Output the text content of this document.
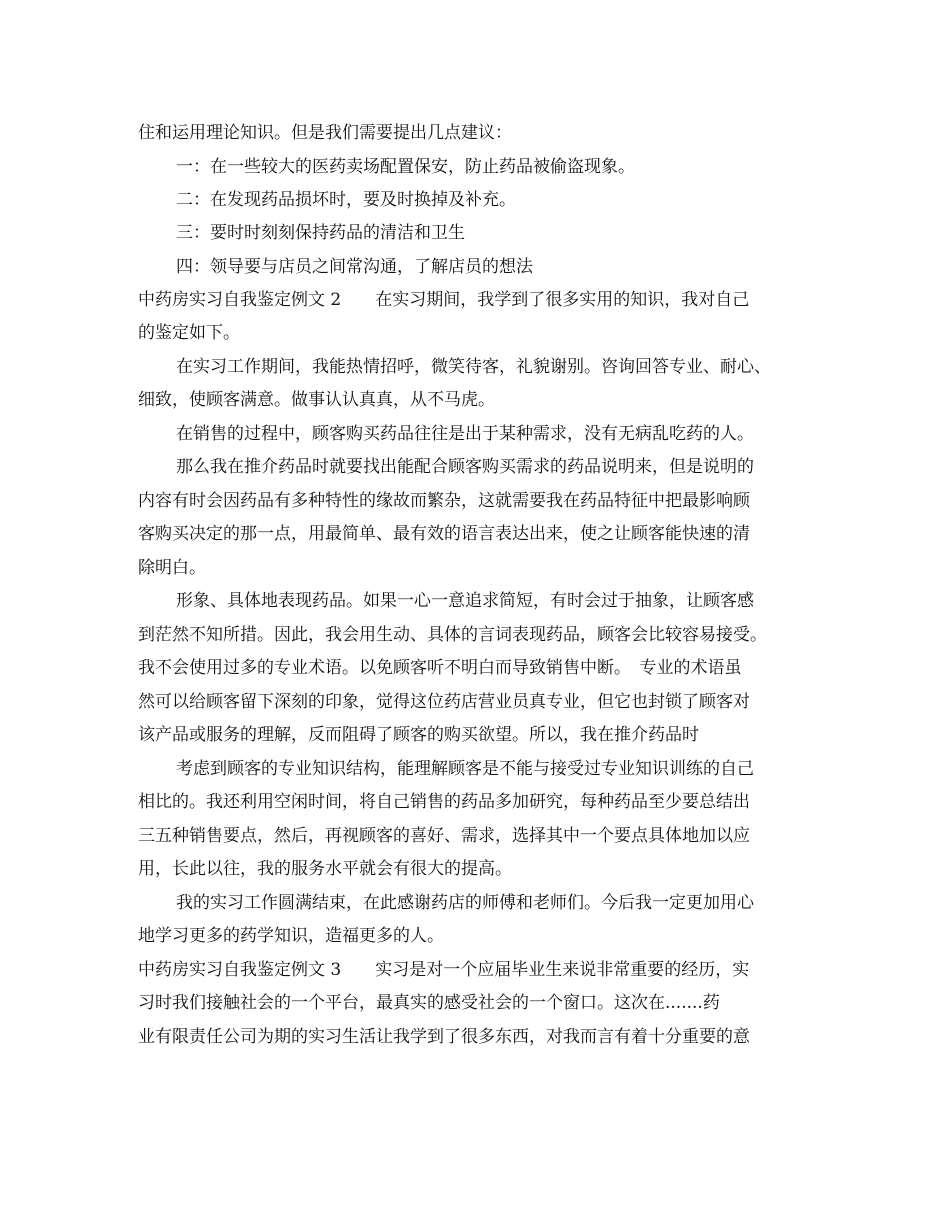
住和运用理论知识。但是我们需要提出几点建议：
一：在一些较大的医药卖场配置保安，防止药品被偷盗现象。
二：在发现药品损坏时，要及时换掉及补充。
三：要时时刻刻保持药品的清洁和卫生
四：领导要与店员之间常沟通，了解店员的想法
中药房实习自我鉴定例文 2　　在实习期间，我学到了很多实用的知识，我对自己
的鉴定如下。
在实习工作期间，我能热情招呼，微笑待客，礼貌谢别。咨询回答专业、耐心、
细致，使顾客满意。做事认认真真，从不马虎。
在销售的过程中，顾客购买药品往往是出于某种需求，没有无病乱吃药的人。
那么我在推介药品时就要找出能配合顾客购买需求的药品说明来，但是说明的
内容有时会因药品有多种特性的缘故而繁杂，这就需要我在药品特征中把最影响顾
客购买决定的那一点，用最简单、最有效的语言表达出来，使之让顾客能快速的清
除明白。
形象、具体地表现药品。如果一心一意追求简短，有时会过于抽象，让顾客感
到茫然不知所措。因此，我会用生动、具体的言词表现药品，顾客会比较容易接受。
我不会使用过多的专业术语。以免顾客听不明白而导致销售中断。　专业的术语虽
然可以给顾客留下深刻的印象，觉得这位药店营业员真专业，但它也封锁了顾客对
该产品或服务的理解，反而阻碍了顾客的购买欲望。所以，我在推介药品时
考虑到顾客的专业知识结构，能理解顾客是不能与接受过专业知识训练的自己
相比的。我还利用空闲时间，将自己销售的药品多加研究，每种药品至少要总结出
三五种销售要点，然后，再视顾客的喜好、需求，选择其中一个要点具体地加以应
用，长此以往，我的服务水平就会有很大的提高。
我的实习工作圆满结束，在此感谢药店的师傅和老师们。今后我一定更加用心
地学习更多的药学知识，造福更多的人。
中药房实习自我鉴定例文 3　　实习是对一个应届毕业生来说非常重要的经历，实
习时我们接触社会的一个平台，最真实的感受社会的一个窗口。这次在.......药
业有限责任公司为期的实习生活让我学到了很多东西，对我而言有着十分重要的意
